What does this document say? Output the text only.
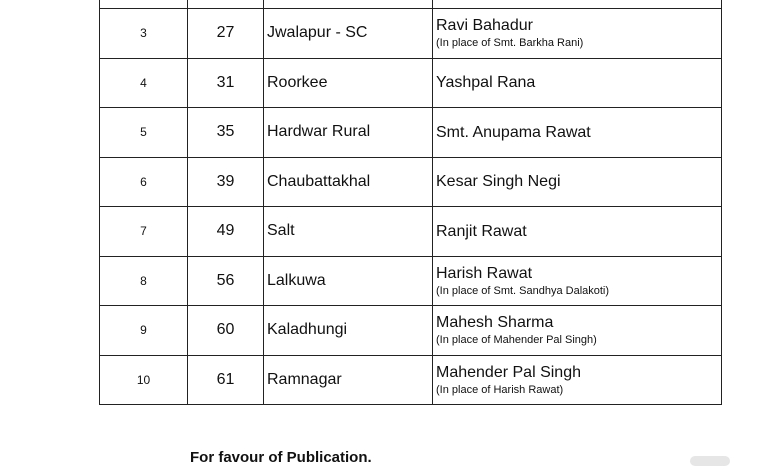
3	27	Jwalapur - SC	Ravi Bahadur
(In place of Smt. Barkha Rani)

4	31	Roorkee	Yashpal Rana

5	35	Hardwar Rural	Smt. Anupama Rawat

6	39	Chaubattakhal	Kesar Singh Negi

7	49	Salt	Ranjit Rawat

8	56	Lalkuwa	Harish Rawat
(In place of Smt. Sandhya Dalakoti)

9	60	Kaladhungi	Mahesh Sharma
(In place of Mahender Pal Singh)

10	61	Ramnagar	Mahender Pal Singh
(In place of Harish Rawat)
For favour of Publication.
